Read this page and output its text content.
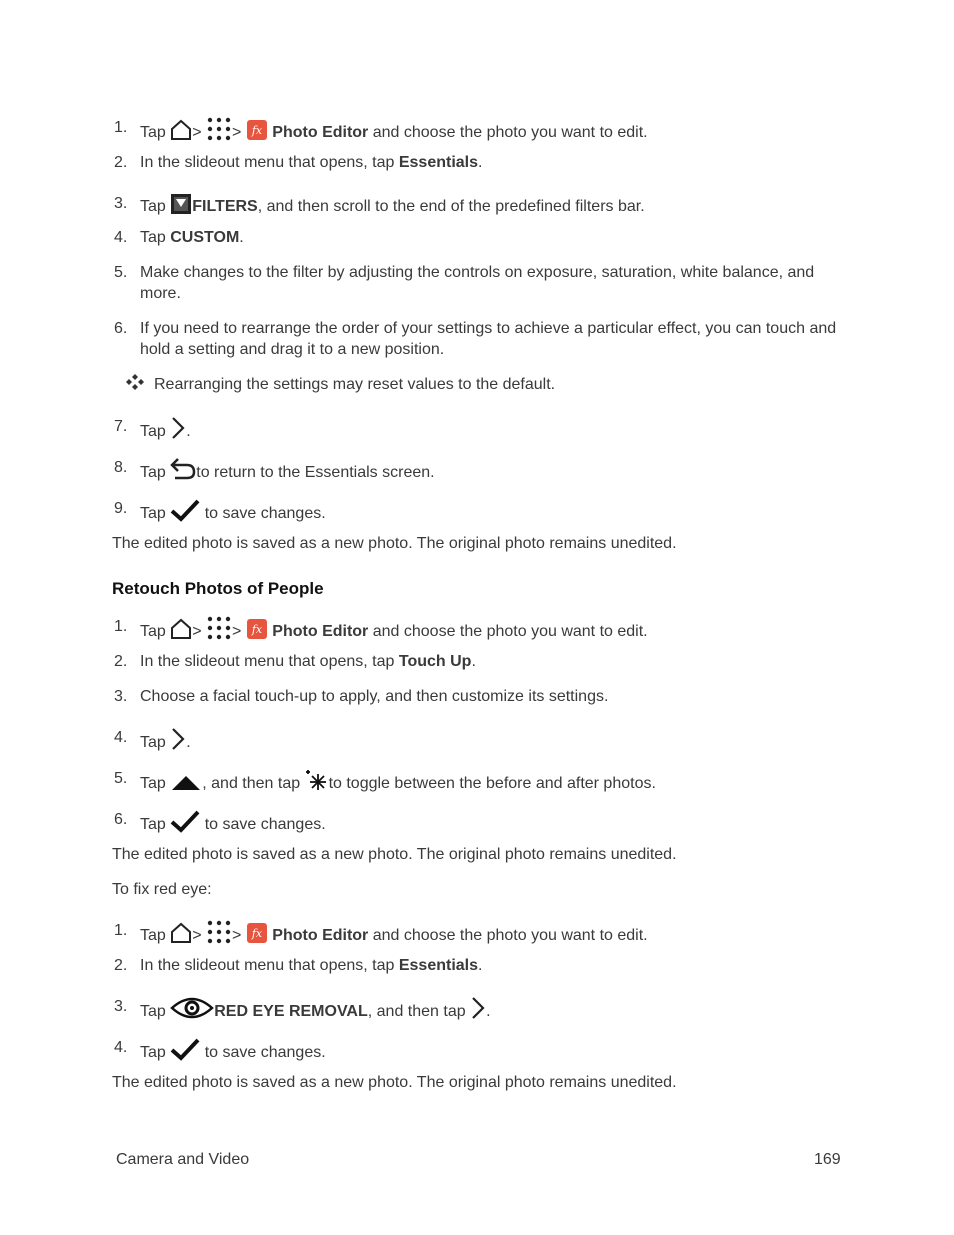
1. Tap > > fx Photo Editor and choose the photo you want to edit.
2. In the slideout menu that opens, tap Essentials.
3. Tap FILTERS, and then scroll to the end of the predefined filters bar.
4. Tap CUSTOM.
5. Make changes to the filter by adjusting the controls on exposure, saturation, white balance, and more.
6. If you need to rearrange the order of your settings to achieve a particular effect, you can touch and hold a setting and drag it to a new position.
Rearranging the settings may reset values to the default.
7. Tap .
8. Tap to return to the Essentials screen.
9. Tap to save changes.
The edited photo is saved as a new photo. The original photo remains unedited.
Retouch Photos of People
1. Tap > > fx Photo Editor and choose the photo you want to edit.
2. In the slideout menu that opens, tap Touch Up.
3. Choose a facial touch-up to apply, and then customize its settings.
4. Tap .
5. Tap , and then tap to toggle between the before and after photos.
6. Tap to save changes.
The edited photo is saved as a new photo. The original photo remains unedited.
To fix red eye:
1. Tap > > fx Photo Editor and choose the photo you want to edit.
2. In the slideout menu that opens, tap Essentials.
3. Tap	RED EYE REMOVAL, and then tap .
4. Tap to save changes.
The edited photo is saved as a new photo. The original photo remains unedited.
Camera and Video	169
